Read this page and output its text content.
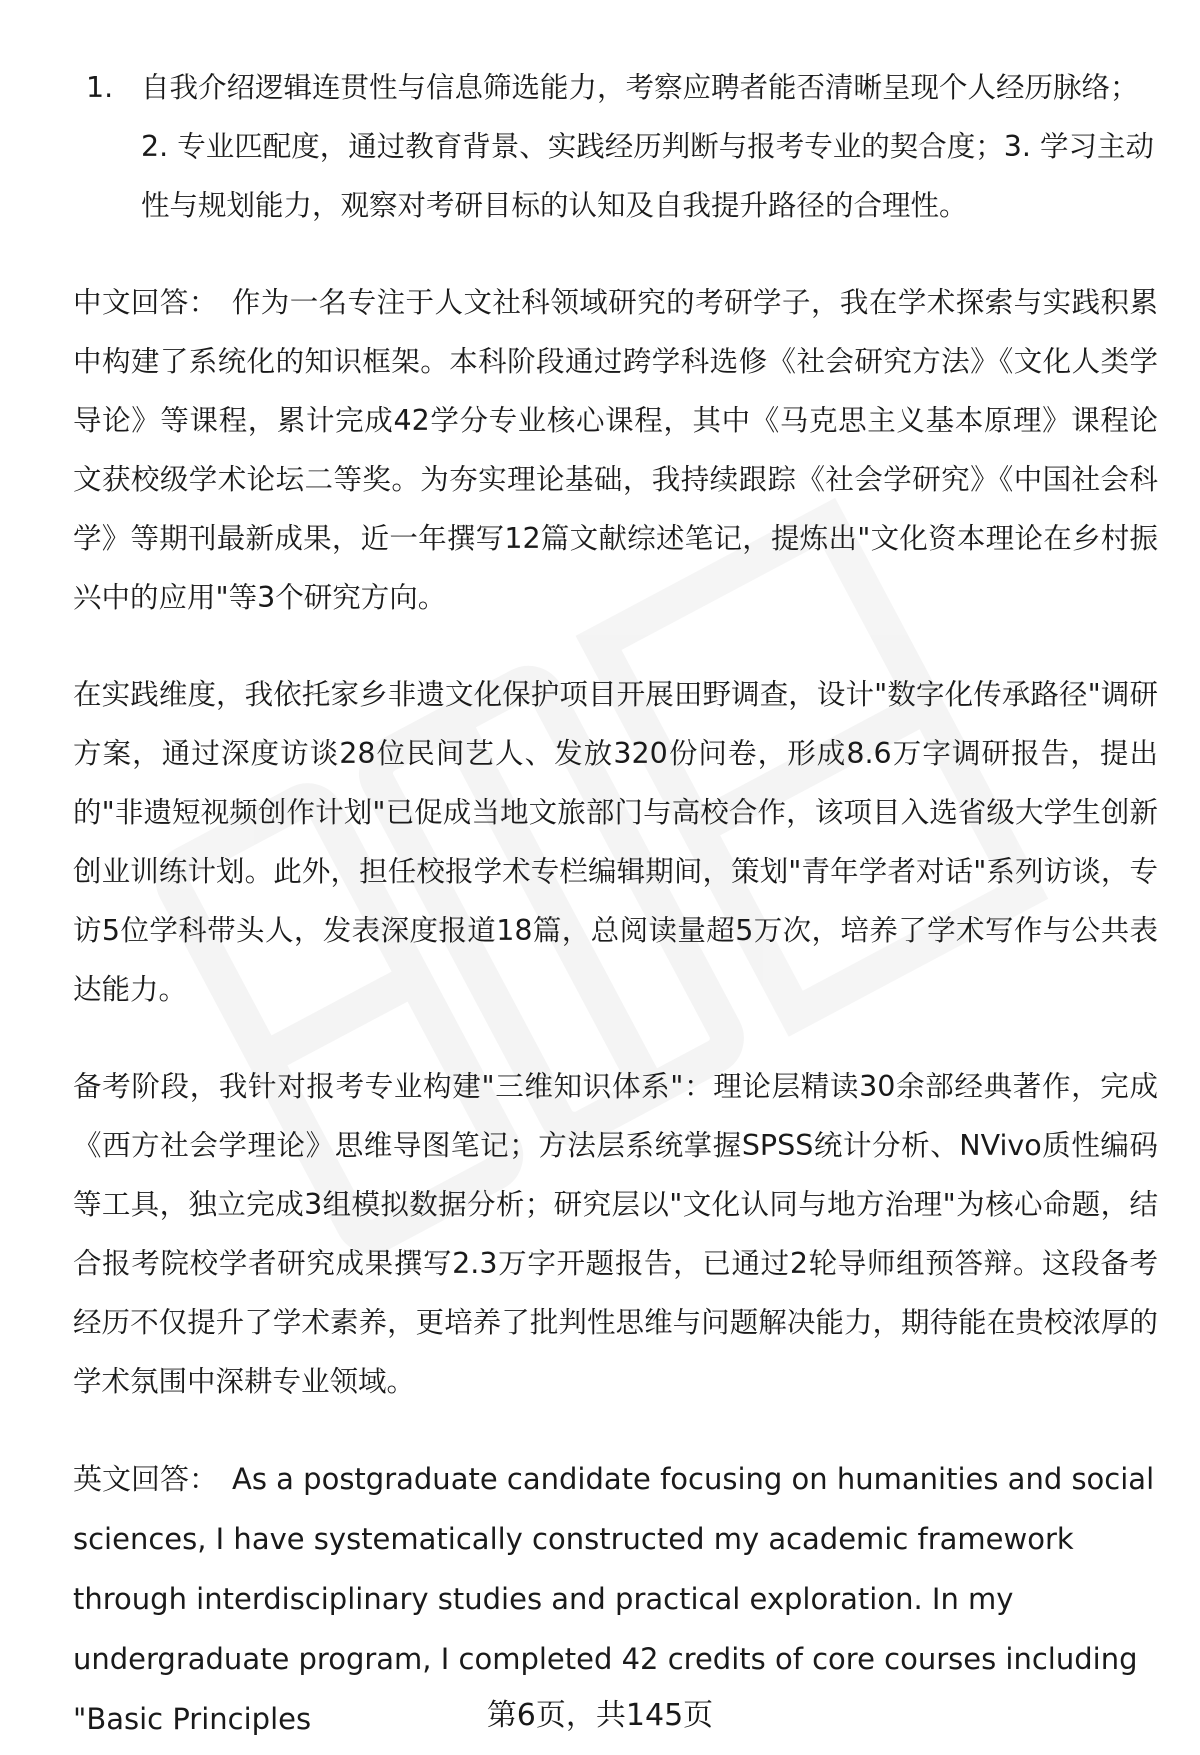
1. 自我介绍逻辑连贯性与信息筛选能力，考察应聘者能否清晰呈现个人经历脉络；2. 专业匹配度，通过教育背景、实践经历判断与报考专业的契合度；3. 学习主动性与规划能力，观察对考研目标的认知及自我提升路径的合理性。

中文回答： 作为一名专注于人文社科领域研究的考研学子，我在学术探索与实践积累中构建了系统化的知识框架。本科阶段通过跨学科选修《社会研究方法》《文化人类学导论》等课程，累计完成42学分专业核心课程，其中《马克思主义基本原理》课程论文获校级学术论坛二等奖。为夯实理论基础，我持续跟踪《社会学研究》《中国社会科学》等期刊最新成果，近一年撰写12篇文献综述笔记，提炼出"文化资本理论在乡村振兴中的应用"等3个研究方向。

在实践维度，我依托家乡非遗文化保护项目开展田野调查，设计"数字化传承路径"调研方案，通过深度访谈28位民间艺人、发放320份问卷，形成8.6万字调研报告，提出的"非遗短视频创作计划"已促成当地文旅部门与高校合作，该项目入选省级大学生创新创业训练计划。此外，担任校报学术专栏编辑期间，策划"青年学者对话"系列访谈，专访5位学科带头人，发表深度报道18篇，总阅读量超5万次，培养了学术写作与公共表达能力。

备考阶段，我针对报考专业构建"三维知识体系"：理论层精读30余部经典著作，完成《西方社会学理论》思维导图笔记；方法层系统掌握SPSS统计分析、NVivo质性编码等工具，独立完成3组模拟数据分析；研究层以"文化认同与地方治理"为核心命题，结合报考院校学者研究成果撰写2.3万字开题报告，已通过2轮导师组预答辩。这段备考经历不仅提升了学术素养，更培养了批判性思维与问题解决能力，期待能在贵校浓厚的学术氛围中深耕专业领域。

英文回答： As a postgraduate candidate focusing on humanities and social sciences, I have systematically constructed my academic framework through interdisciplinary studies and practical exploration. In my undergraduate program, I completed 42 credits of core courses including "Basic Principles	第6页，共145页
